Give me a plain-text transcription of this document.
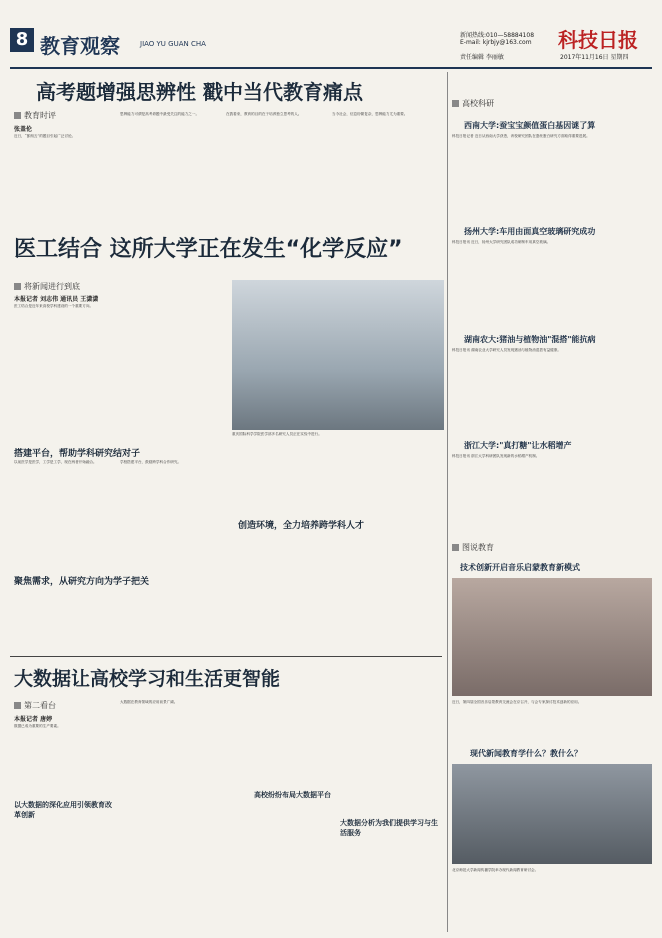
8 教育观察	JIAO YU GUAN CHA
新闻热线:010—58884108
E-mail: kjrbjy@163.com 科技日报
责任编辑 李丽敏	2017年11月16日 星期四
高考题增强思辨性 戳中当代教育痛点
教育时评
张盖伦
近日，“郎朗五”的题目引起广泛讨论。
思辨能力可谓是高考命题中最受关注的能力之一。	在我看来，教育的目的在于培养独立思考的人。	当今社会，信息纷繁复杂，思辨能力尤为重要。
医工结合 这所大学正在发生“化学反应”
将新闻进行到底
本报记者 刘志伟 通讯员 王潇潇
医工结合是近年来高校学科建设的一个重要方向。
重庆国际科学学院医学部多名研究人员正在实验中进行。
搭建平台，帮助学科研究结对子
以前医学是医学，工学是工学，现在两者开始融合。	学校搭建平台，鼓励跨学科合作研究。
聚焦需求，从研究方向为学子把关
创造环境，全力培养跨学科人才
大数据让高校学习和生活更智能
第二看台
本报记者 唐婷
数据已成为重要的生产要素。
以大数据的深化应用引领教育改革创新
高校纷纷布局大数据平台
大数据分析为我们提供学习与生活服务
大数据在教育领域的应用前景广阔。
高校科研
西南大学:蚕宝宝颜值蛋白基因谜了算
科技日报记者 近日从西南大学获悉，该校研究团队在蚕丝蛋白研究方面取得重要进展。
扬州大学:车用由面真空玻璃研究成功
科技日报讯 近日，扬州大学研究团队成功研制车用真空玻璃。
湖南农大:猪油与植物油"混搭"能抗病
科技日报讯 湖南农业大学研究人员发现猪油与植物油混搭有益健康。
浙江大学:"真打糖"让水稻增产
科技日报讯 浙江大学科研团队发现新的水稻增产机制。
图说教育
技术创新开启音乐启蒙教育新模式
近日，第四届全国音乐启蒙教育交流会在京召开，与会专家探讨技术创新的应用。
现代新闻教育学什么？教什么？
北京师范大学新闻传播学院举办现代新闻教育研讨会。
